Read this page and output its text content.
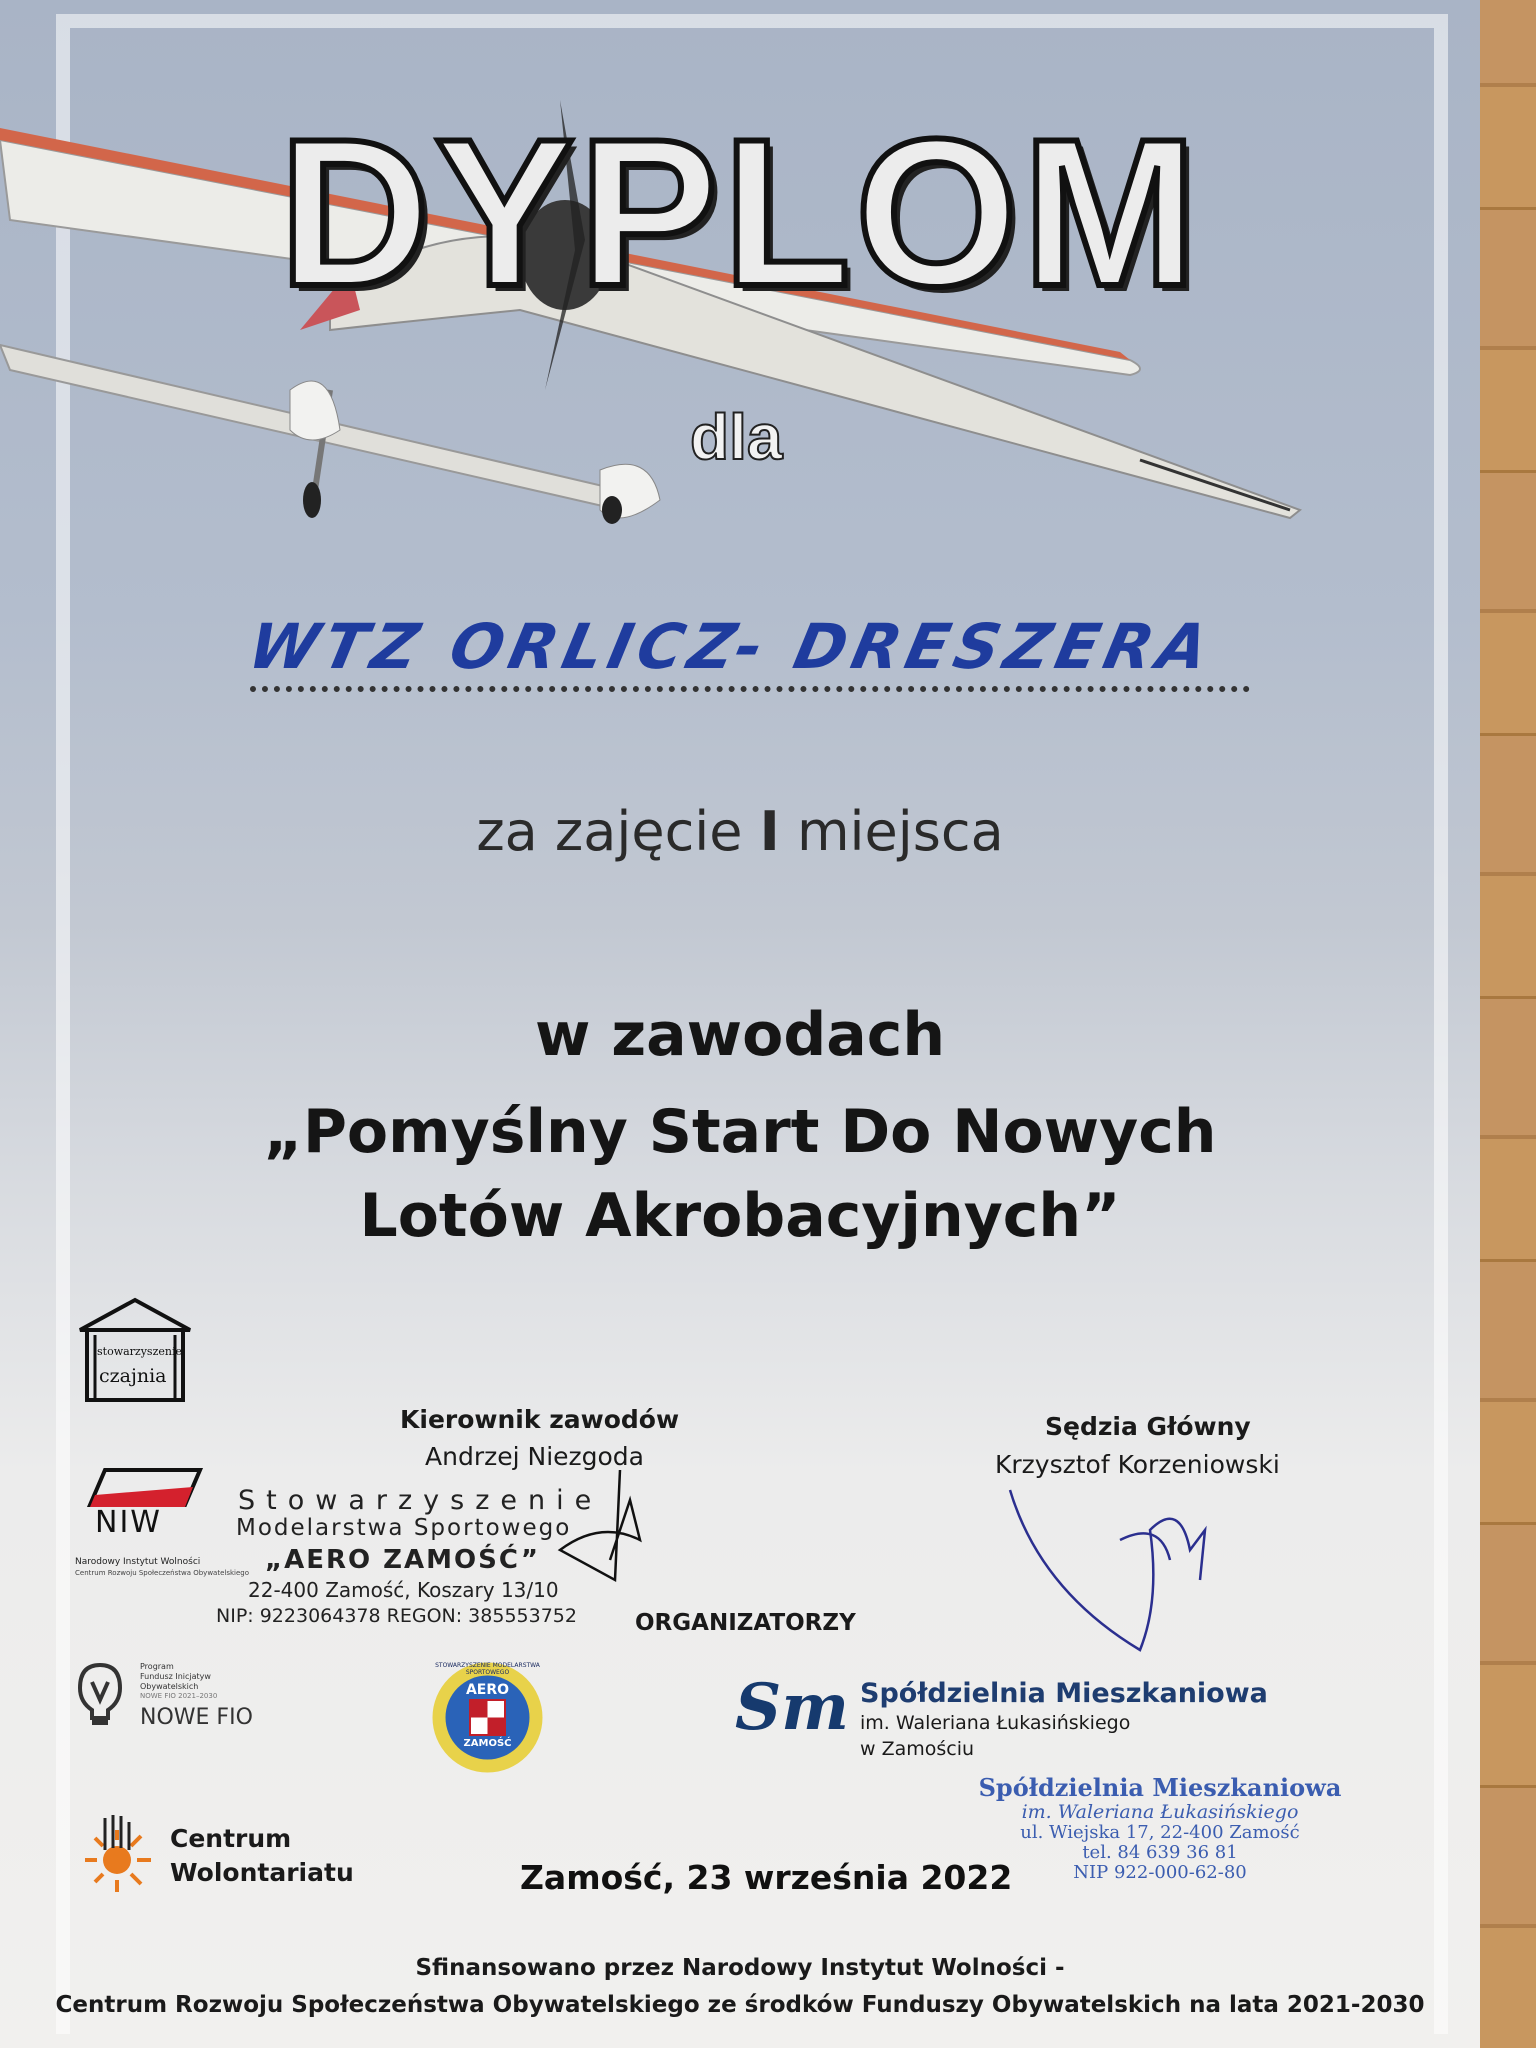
DYPLOM
dla
WTZ ORLICZ- DRESZERA
za zajęcie I miejsca
w zawodach
„Pomyślny Start Do Nowych
Lotów Akrobacyjnych”
stowarzyszenie
czajnia
Kierownik zawodów
Andrzej Niezgoda
Sędzia Główny
Krzysztof Korzeniowski
NIW
Narodowy Instytut Wolności
Centrum Rozwoju Społeczeństwa Obywatelskiego
Stowarzyszenie
Modelarstwa Sportowego
„AERO ZAMOŚĆ”
22-400 Zamość, Koszary 13/10
NIP: 9223064378 REGON: 385553752	ORGANIZATORZY
Program
Fundusz Inicjatyw
Obywatelskich
NOWE FIO 2021–2030
NOWE FIO
STOWARZYSZENIE MODELARSTWA SPORTOWEGO
AERO
ZAMOŚĆ	Sm Spółdzielnia Mieszkaniowa
im. Waleriana Łukasińskiego
w Zamościu
Centrum
Wolontariatu
Spółdzielnia Mieszkaniowa
im. Waleriana Łukasińskiego
ul. Wiejska 17, 22-400 Zamość
tel. 84 639 36 81
NIP 922-000-62-80
Zamość, 23 września 2022
Sfinansowano przez Narodowy Instytut Wolności -
Centrum Rozwoju Społeczeństwa Obywatelskiego ze środków Funduszy Obywatelskich na lata 2021-2030
